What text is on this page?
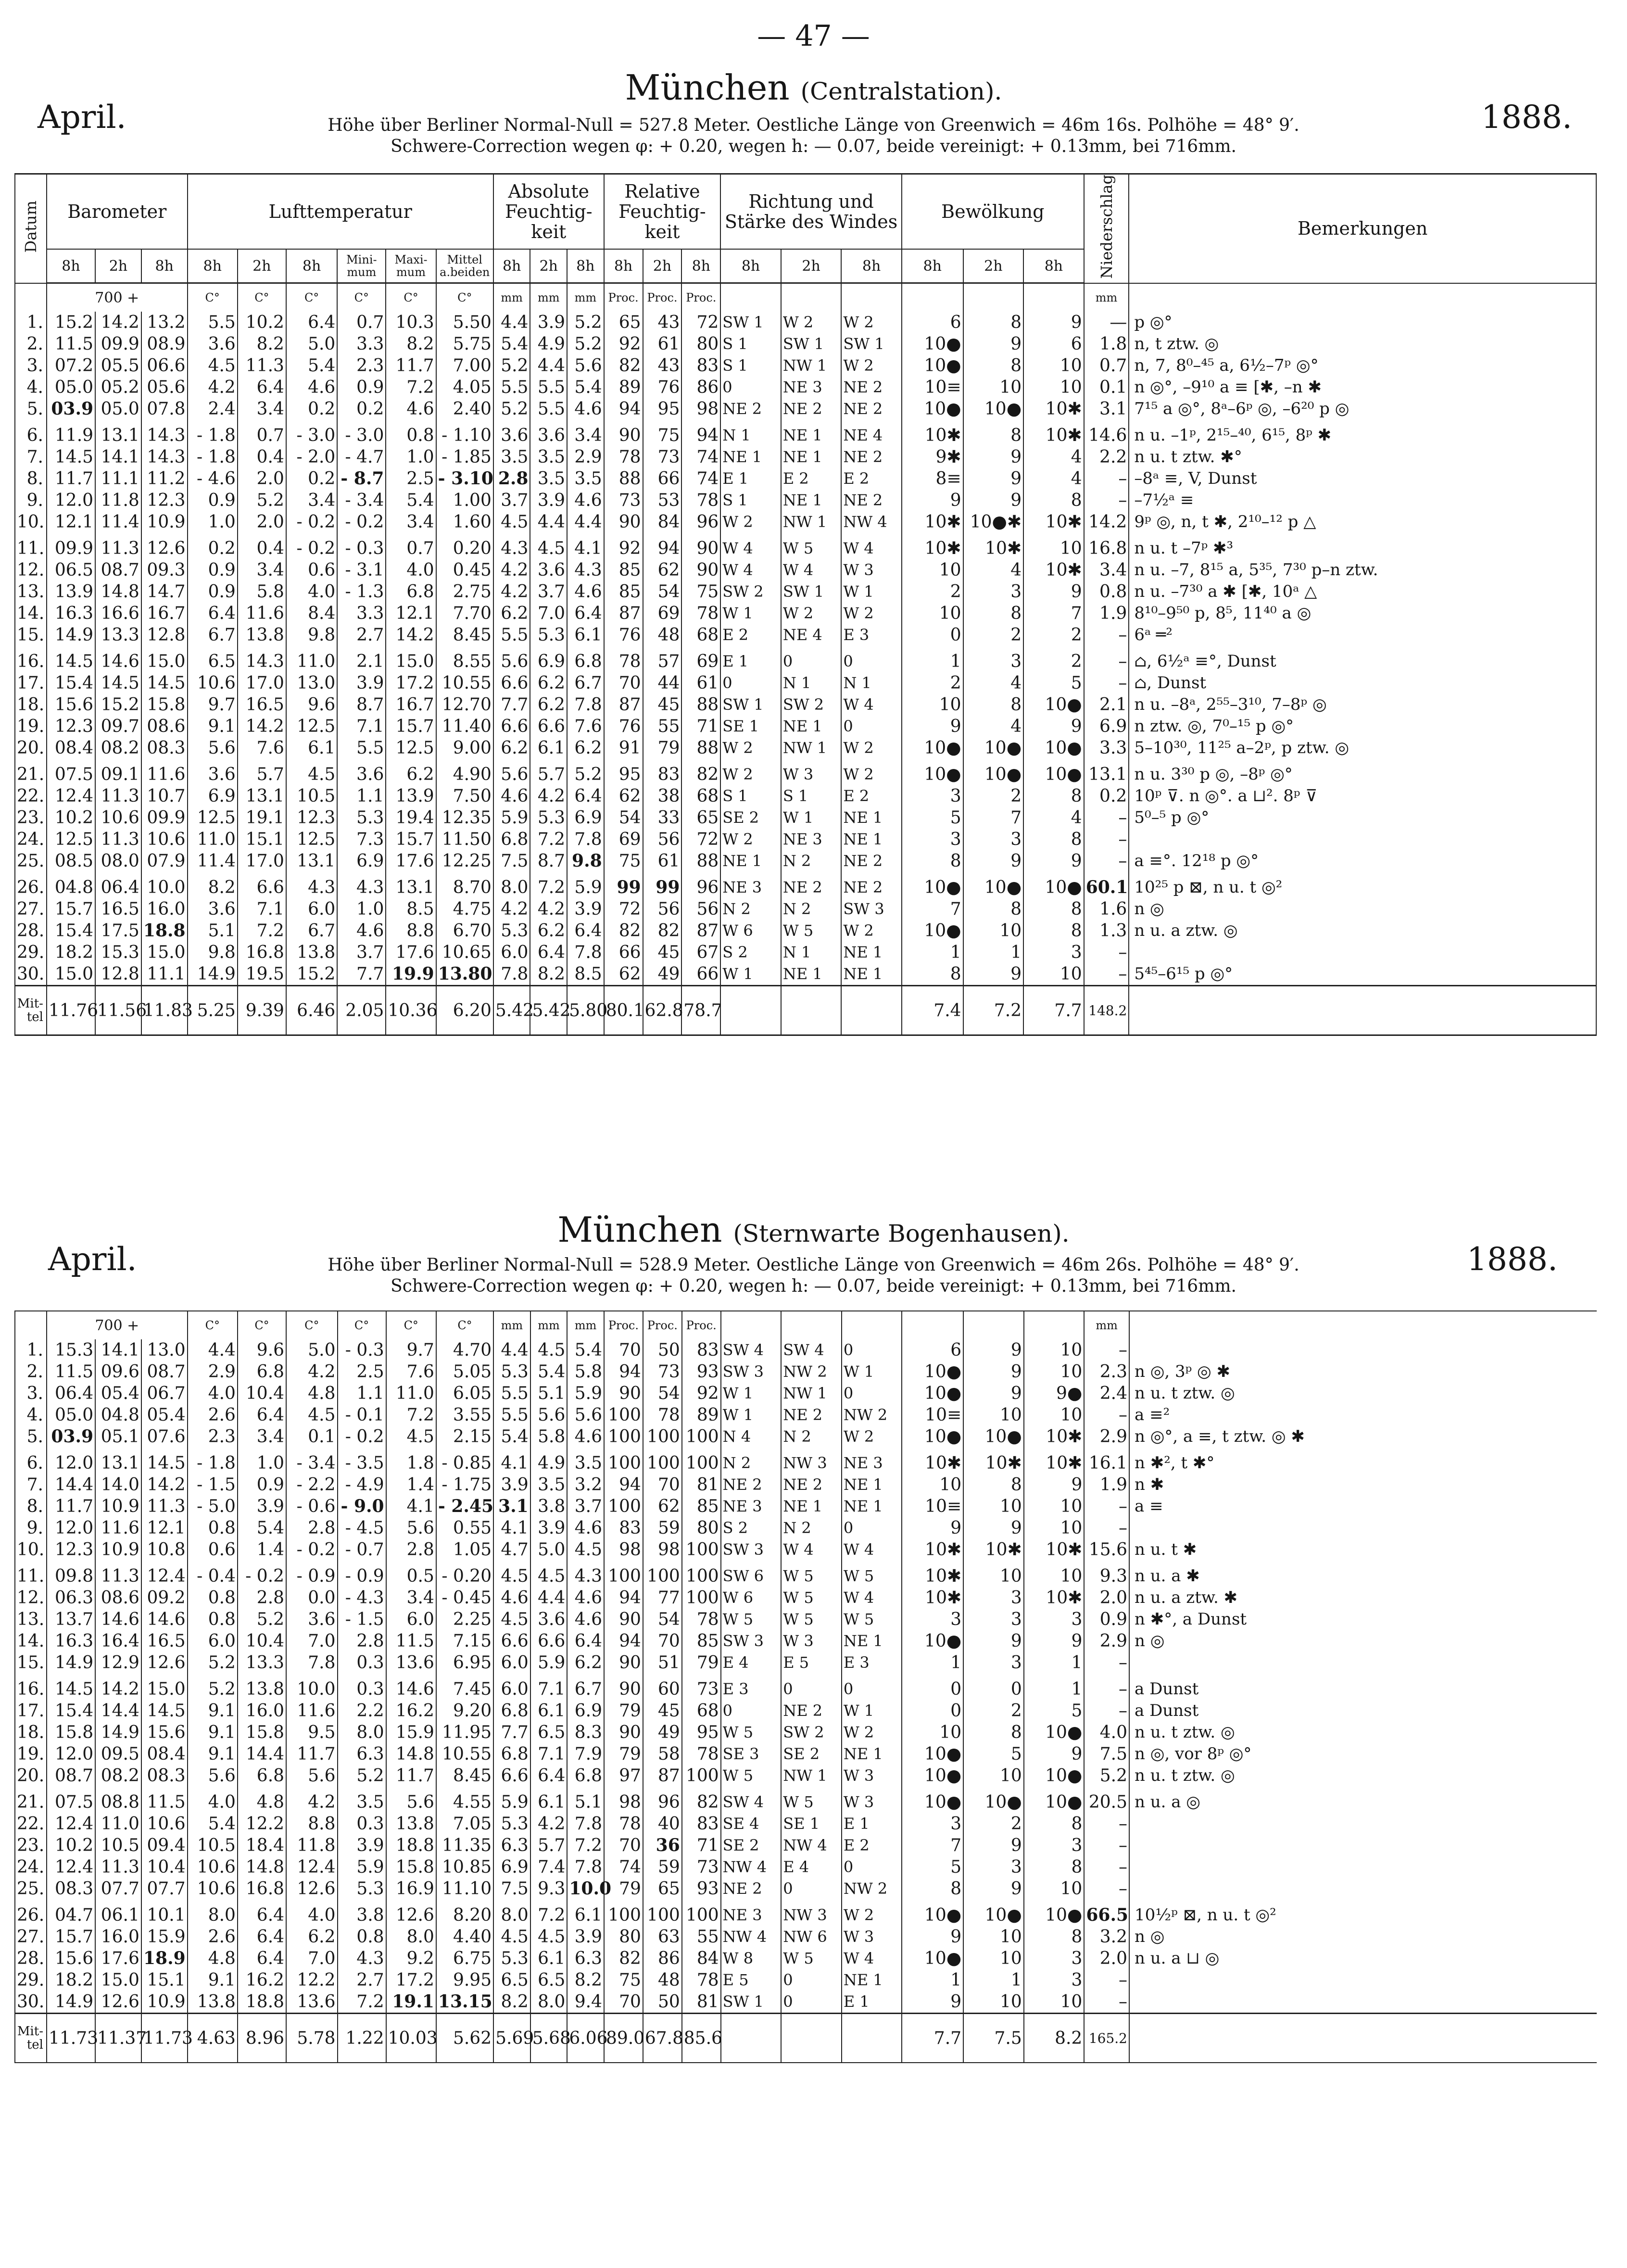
— 47 —
April.	1888.
München (Centralstation).
Höhe über Berliner Normal-Null = 527.8 Meter. Oestliche Länge von Greenwich = 46m 16s. Polhöhe = 48° 9′.
Schwere-Correction wegen φ: + 0.20, wegen h: — 0.07, beide vereinigt: + 0.13mm, bei 716mm.
Datum	Barometer			Lufttemperatur						Absolute Feuchtig-keit			Relative Feuchtig-keit			Richtung und Stärke des Windes			Bewölkung			Niederschlag	Bemerkungen
	8h	2h	8h	8h	2h	8h	Mini-mum	Maxi-mum	Mittel a.beiden	8h	2h	8h	8h	2h	8h	8h	2h	8h	8h	2h	8h		
	700 +			C°	C°	C°	C°	C°	C°	mm	mm	mm	Proc.	Proc.	Proc.							mm	
1.	15.2	14.2	13.2	5.5	10.2	6.4	0.7	10.3	5.50	4.4	3.9	5.2	65	43	72	SW 1	W 2	W 2	6	8	9	—	p ◎°
2.	11.5	09.9	08.9	3.6	8.2	5.0	3.3	8.2	5.75	5.4	4.9	5.2	92	61	80	S 1	SW 1	SW 1	10●	9	6	1.8	n, t ztw. ◎
3.	07.2	05.5	06.6	4.5	11.3	5.4	2.3	11.7	7.00	5.2	4.4	5.6	82	43	83	S 1	NW 1	W 2	10●	8	10	0.7	n, 7, 8⁰–⁴⁵ a, 6½–7ᵖ ◎°
4.	05.0	05.2	05.6	4.2	6.4	4.6	0.9	7.2	4.05	5.5	5.5	5.4	89	76	86	0	NE 3	NE 2	10≡	10	10	0.1	n ◎°, –9¹⁰ a ≡ [✱, –n ✱
5.	03.9	05.0	07.8	2.4	3.4	0.2	0.2	4.6	2.40	5.2	5.5	4.6	94	95	98	NE 2	NE 2	NE 2	10●	10●	10✱	3.1	7¹⁵ a ◎°, 8ᵃ–6ᵖ ◎, –6²⁰ p ◎
6.	11.9	13.1	14.3	- 1.8	0.7	- 3.0	- 3.0	0.8	- 1.10	3.6	3.6	3.4	90	75	94	N 1	NE 1	NE 4	10✱	8	10✱	14.6	n u. –1ᵖ, 2¹⁵–⁴⁰, 6¹⁵, 8ᵖ ✱
7.	14.5	14.1	14.3	- 1.8	0.4	- 2.0	- 4.7	1.0	- 1.85	3.5	3.5	2.9	78	73	74	NE 1	NE 1	NE 2	9✱	9	4	2.2	n u. t ztw. ✱°
8.	11.7	11.1	11.2	- 4.6	2.0	0.2	- 8.7	2.5	- 3.10	2.8	3.5	3.5	88	66	74	E 1	E 2	E 2	8≡	9	4	–	–8ᵃ ≡, V, Dunst
9.	12.0	11.8	12.3	0.9	5.2	3.4	- 3.4	5.4	1.00	3.7	3.9	4.6	73	53	78	S 1	NE 1	NE 2	9	9	8	–	–7½ᵃ ≡
10.	12.1	11.4	10.9	1.0	2.0	- 0.2	- 0.2	3.4	1.60	4.5	4.4	4.4	90	84	96	W 2	NW 1	NW 4	10✱	10●✱	10✱	14.2	9ᵖ ◎, n, t ✱, 2¹⁰–¹² p △
11.	09.9	11.3	12.6	0.2	0.4	- 0.2	- 0.3	0.7	0.20	4.3	4.5	4.1	92	94	90	W 4	W 5	W 4	10✱	10✱	10	16.8	n u. t –7ᵖ ✱³
12.	06.5	08.7	09.3	0.9	3.4	0.6	- 3.1	4.0	0.45	4.2	3.6	4.3	85	62	90	W 4	W 4	W 3	10	4	10✱	3.4	n u. –7, 8¹⁵ a, 5³⁵, 7³⁰ p–n ztw.
13.	13.9	14.8	14.7	0.9	5.8	4.0	- 1.3	6.8	2.75	4.2	3.7	4.6	85	54	75	SW 2	SW 1	W 1	2	3	9	0.8	n u. –7³⁰ a ✱ [✱, 10ᵃ △
14.	16.3	16.6	16.7	6.4	11.6	8.4	3.3	12.1	7.70	6.2	7.0	6.4	87	69	78	W 1	W 2	W 2	10	8	7	1.9	8¹⁰–9⁵⁰ p, 8⁵, 11⁴⁰ a ◎
15.	14.9	13.3	12.8	6.7	13.8	9.8	2.7	14.2	8.45	5.5	5.3	6.1	76	48	68	E 2	NE 4	E 3	0	2	2	–	6ᵃ ═²
16.	14.5	14.6	15.0	6.5	14.3	11.0	2.1	15.0	8.55	5.6	6.9	6.8	78	57	69	E 1	0	0	1	3	2	–	⌂, 6½ᵃ ≡°, Dunst
17.	15.4	14.5	14.5	10.6	17.0	13.0	3.9	17.2	10.55	6.6	6.2	6.7	70	44	61	0	N 1	N 1	2	4	5	–	⌂, Dunst
18.	15.6	15.2	15.8	9.7	16.5	9.6	8.7	16.7	12.70	7.7	6.2	7.8	87	45	88	SW 1	SW 2	W 4	10	8	10●	2.1	n u. –8ᵃ, 2⁵⁵–3¹⁰, 7–8ᵖ ◎
19.	12.3	09.7	08.6	9.1	14.2	12.5	7.1	15.7	11.40	6.6	6.6	7.6	76	55	71	SE 1	NE 1	0	9	4	9	6.9	n ztw. ◎, 7⁰–¹⁵ p ◎°
20.	08.4	08.2	08.3	5.6	7.6	6.1	5.5	12.5	9.00	6.2	6.1	6.2	91	79	88	W 2	NW 1	W 2	10●	10●	10●	3.3	5–10³⁰, 11²⁵ a–2ᵖ, p ztw. ◎
21.	07.5	09.1	11.6	3.6	5.7	4.5	3.6	6.2	4.90	5.6	5.7	5.2	95	83	82	W 2	W 3	W 2	10●	10●	10●	13.1	n u. 3³⁰ p ◎, –8ᵖ ◎°
22.	12.4	11.3	10.7	6.9	13.1	10.5	1.1	13.9	7.50	4.6	4.2	6.4	62	38	68	S 1	S 1	E 2	3	2	8	0.2	10ᵖ ⊽. n ◎°. a ⊔². 8ᵖ ⊽
23.	10.2	10.6	09.9	12.5	19.1	12.3	5.3	19.4	12.35	5.9	5.3	6.9	54	33	65	SE 2	W 1	NE 1	5	7	4	–	5⁰–⁵ p ◎°
24.	12.5	11.3	10.6	11.0	15.1	12.5	7.3	15.7	11.50	6.8	7.2	7.8	69	56	72	W 2	NE 3	NE 1	3	3	8	–	
25.	08.5	08.0	07.9	11.4	17.0	13.1	6.9	17.6	12.25	7.5	8.7	9.8	75	61	88	NE 1	N 2	NE 2	8	9	9	–	a ≡°. 12¹⁸ p ◎°
26.	04.8	06.4	10.0	8.2	6.6	4.3	4.3	13.1	8.70	8.0	7.2	5.9	99	99	96	NE 3	NE 2	NE 2	10●	10●	10●	60.1	10²⁵ p ⊠, n u. t ◎²
27.	15.7	16.5	16.0	3.6	7.1	6.0	1.0	8.5	4.75	4.2	4.2	3.9	72	56	56	N 2	N 2	SW 3	7	8	8	1.6	n ◎
28.	15.4	17.5	18.8	5.1	7.2	6.7	4.6	8.8	6.70	5.3	6.2	6.4	82	82	87	W 6	W 5	W 2	10●	10	8	1.3	n u. a ztw. ◎
29.	18.2	15.3	15.0	9.8	16.8	13.8	3.7	17.6	10.65	6.0	6.4	7.8	66	45	67	S 2	N 1	NE 1	1	1	3	–	
30.	15.0	12.8	11.1	14.9	19.5	15.2	7.7	19.9	13.80	7.8	8.2	8.5	62	49	66	W 1	NE 1	NE 1	8	9	10	–	5⁴⁵–6¹⁵ p ◎°
Mit-tel	11.76	11.56	11.83	5.25	9.39	6.46	2.05	10.36	6.20	5.42	5.42	5.80	80.1	62.8	78.7				7.4	7.2	7.7	148.2	
April.	1888.
München (Sternwarte Bogenhausen).
Höhe über Berliner Normal-Null = 528.9 Meter. Oestliche Länge von Greenwich = 46m 26s. Polhöhe = 48° 9′.
Schwere-Correction wegen φ: + 0.20, wegen h: — 0.07, beide vereinigt: + 0.13mm, bei 716mm.
	700 +			C°	C°	C°	C°	C°	C°	mm	mm	mm	Proc.	Proc.	Proc.							mm	
1.	15.3	14.1	13.0	4.4	9.6	5.0	- 0.3	9.7	4.70	4.4	4.5	5.4	70	50	83	SW 4	SW 4	0	6	9	10	–	
2.	11.5	09.6	08.7	2.9	6.8	4.2	2.5	7.6	5.05	5.3	5.4	5.8	94	73	93	SW 3	NW 2	W 1	10●	9	10	2.3	n ◎, 3ᵖ ◎ ✱
3.	06.4	05.4	06.7	4.0	10.4	4.8	1.1	11.0	6.05	5.5	5.1	5.9	90	54	92	W 1	NW 1	0	10●	9	9●	2.4	n u. t ztw. ◎
4.	05.0	04.8	05.4	2.6	6.4	4.5	- 0.1	7.2	3.55	5.5	5.6	5.6	100	78	89	W 1	NE 2	NW 2	10≡	10	10	–	a ≡²
5.	03.9	05.1	07.6	2.3	3.4	0.1	- 0.2	4.5	2.15	5.4	5.8	4.6	100	100	100	N 4	N 2	W 2	10●	10●	10✱	2.9	n ◎°, a ≡, t ztw. ◎ ✱
6.	12.0	13.1	14.5	- 1.8	1.0	- 3.4	- 3.5	1.8	- 0.85	4.1	4.9	3.5	100	100	100	N 2	NW 3	NE 3	10✱	10✱	10✱	16.1	n ✱², t ✱°
7.	14.4	14.0	14.2	- 1.5	0.9	- 2.2	- 4.9	1.4	- 1.75	3.9	3.5	3.2	94	70	81	NE 2	NE 2	NE 1	10	8	9	1.9	n ✱
8.	11.7	10.9	11.3	- 5.0	3.9	- 0.6	- 9.0	4.1	- 2.45	3.1	3.8	3.7	100	62	85	NE 3	NE 1	NE 1	10≡	10	10	–	a ≡
9.	12.0	11.6	12.1	0.8	5.4	2.8	- 4.5	5.6	0.55	4.1	3.9	4.6	83	59	80	S 2	N 2	0	9	9	10	–	
10.	12.3	10.9	10.8	0.6	1.4	- 0.2	- 0.7	2.8	1.05	4.7	5.0	4.5	98	98	100	SW 3	W 4	W 4	10✱	10✱	10✱	15.6	n u. t ✱
11.	09.8	11.3	12.4	- 0.4	- 0.2	- 0.9	- 0.9	0.5	- 0.20	4.5	4.5	4.3	100	100	100	SW 6	W 5	W 5	10✱	10	10	9.3	n u. a ✱
12.	06.3	08.6	09.2	0.8	2.8	0.0	- 4.3	3.4	- 0.45	4.6	4.4	4.6	94	77	100	W 6	W 5	W 4	10✱	3	10✱	2.0	n u. a ztw. ✱
13.	13.7	14.6	14.6	0.8	5.2	3.6	- 1.5	6.0	2.25	4.5	3.6	4.6	90	54	78	W 5	W 5	W 5	3	3	3	0.9	n ✱°, a Dunst
14.	16.3	16.4	16.5	6.0	10.4	7.0	2.8	11.5	7.15	6.6	6.6	6.4	94	70	85	SW 3	W 3	NE 1	10●	9	9	2.9	n ◎
15.	14.9	12.9	12.6	5.2	13.3	7.8	0.3	13.6	6.95	6.0	5.9	6.2	90	51	79	E 4	E 5	E 3	1	3	1	–	
16.	14.5	14.2	15.0	5.2	13.8	10.0	0.3	14.6	7.45	6.0	7.1	6.7	90	60	73	E 3	0	0	0	0	1	–	a Dunst
17.	15.4	14.4	14.5	9.1	16.0	11.6	2.2	16.2	9.20	6.8	6.1	6.9	79	45	68	0	NE 2	W 1	0	2	5	–	a Dunst
18.	15.8	14.9	15.6	9.1	15.8	9.5	8.0	15.9	11.95	7.7	6.5	8.3	90	49	95	W 5	SW 2	W 2	10	8	10●	4.0	n u. t ztw. ◎
19.	12.0	09.5	08.4	9.1	14.4	11.7	6.3	14.8	10.55	6.8	7.1	7.9	79	58	78	SE 3	SE 2	NE 1	10●	5	9	7.5	n ◎, vor 8ᵖ ◎°
20.	08.7	08.2	08.3	5.6	6.8	5.6	5.2	11.7	8.45	6.6	6.4	6.8	97	87	100	W 5	NW 1	W 3	10●	10	10●	5.2	n u. t ztw. ◎
21.	07.5	08.8	11.5	4.0	4.8	4.2	3.5	5.6	4.55	5.9	6.1	5.1	98	96	82	SW 4	W 5	W 3	10●	10●	10●	20.5	n u. a ◎
22.	12.4	11.0	10.6	5.4	12.2	8.8	0.3	13.8	7.05	5.3	4.2	7.8	78	40	83	SE 4	SE 1	E 1	3	2	8	–	
23.	10.2	10.5	09.4	10.5	18.4	11.8	3.9	18.8	11.35	6.3	5.7	7.2	70	36	71	SE 2	NW 4	E 2	7	9	3	–	
24.	12.4	11.3	10.4	10.6	14.8	12.4	5.9	15.8	10.85	6.9	7.4	7.8	74	59	73	NW 4	E 4	0	5	3	8	–	
25.	08.3	07.7	07.7	10.6	16.8	12.6	5.3	16.9	11.10	7.5	9.3	10.0	79	65	93	NE 2	0	NW 2	8	9	10	–	
26.	04.7	06.1	10.1	8.0	6.4	4.0	3.8	12.6	8.20	8.0	7.2	6.1	100	100	100	NE 3	NW 3	W 2	10●	10●	10●	66.5	10½ᵖ ⊠, n u. t ◎²
27.	15.7	16.0	15.9	2.6	6.4	6.2	0.8	8.0	4.40	4.5	4.5	3.9	80	63	55	NW 4	NW 6	W 3	9	10	8	3.2	n ◎
28.	15.6	17.6	18.9	4.8	6.4	7.0	4.3	9.2	6.75	5.3	6.1	6.3	82	86	84	W 8	W 5	W 4	10●	10	3	2.0	n u. a ⊔ ◎
29.	18.2	15.0	15.1	9.1	16.2	12.2	2.7	17.2	9.95	6.5	6.5	8.2	75	48	78	E 5	0	NE 1	1	1	3	–	
30.	14.9	12.6	10.9	13.8	18.8	13.6	7.2	19.1	13.15	8.2	8.0	9.4	70	50	81	SW 1	0	E 1	9	10	10	–	
Mit-tel	11.73	11.37	11.73	4.63	8.96	5.78	1.22	10.03	5.62	5.69	5.68	6.06	89.0	67.8	85.6				7.7	7.5	8.2	165.2	
